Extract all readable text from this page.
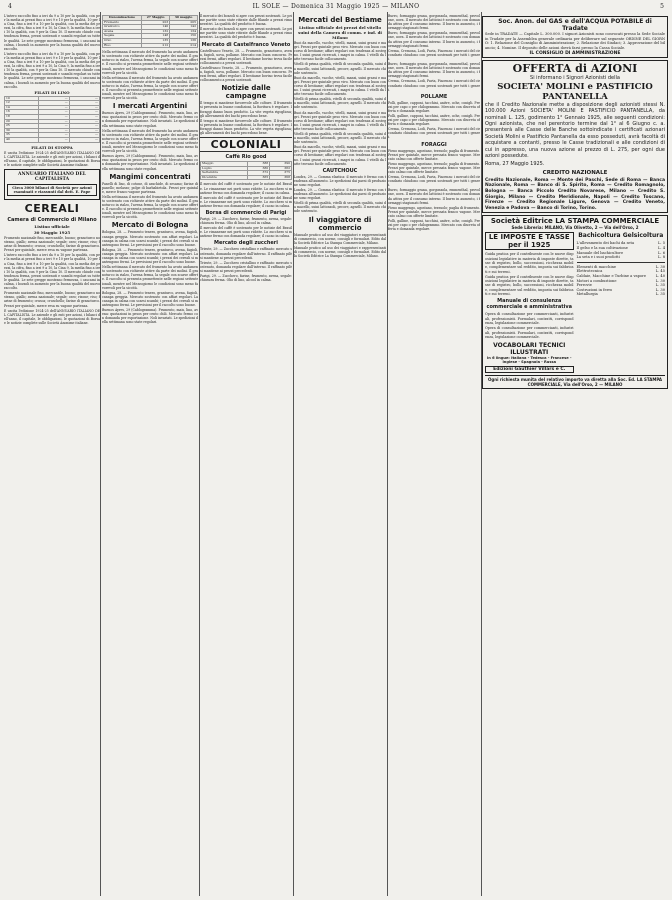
4	IL SOLE — Domenica 31 Maggio 1925 — MILANO	5

L'intero raccolto fino a ieri da 9 a 10 per la qualità, con per la media ai prezzi fino a ieri 9 e 10 per la qualità, 10 per la Cina, fino a ieri 9 a 10 per la qualità, con la media dei prezzi, la cifra, fino a ieri 9 a 10, la Cina 9, la media fino a ieri 10 la qualità, con 9 per la Cina 10. Il mercato chiude con tendenza ferma, prezzi sostenuti e scambi regolari su tutte le qualità. Le sete gregge mostrano fermezza, i cascami in calma, i bozzoli in aumento per la buona qualità del nuovo raccolto.

L'intero raccolto fino a ieri da 9 a 10 per la qualità, con per la media ai prezzi fino a ieri 9 e 10 per la qualità, 10 per la Cina, fino a ieri 9 a 10 per la qualità, con la media dei prezzi, la cifra, fino a ieri 9 a 10, la Cina 9, la media fino a ieri 10 la qualità, con 9 per la Cina 10. Il mercato chiude con tendenza ferma, prezzi sostenuti e scambi regolari su tutte le qualità. Le sete gregge mostrano fermezza, i cascami in calma, i bozzoli in aumento per la buona qualità del nuovo raccolto.

FILATI DI LINO
10	—	—
12	—	—
14	—	—
16	—	—
18	—	—
20	—	—
25	—	—
30	—	—
35	—	—
40	—	—
FILATI DI STOPPA

E uscita l'edizione 1924-25 dell'ANNUARIO ITALIANO DEL CAPITALISTA. Le aziende e gli enti per azioni, i bilanci dell'anno, il capitale, le obbligazioni, le quotazioni di Borsa e le notizie complete sulle Società Anonime italiane.

ANNUARIO ITALIANO DEL CAPITALISTA
Circa 3000 bilanci di Società per azioni esaminati e riassunti dal dott. E. Pape
CEREALI
Camera di Commercio di Milano
Listino ufficiale
30 Maggio 1925

Frumento nazionale fino, mercantile, buono; granoturco nostrano, giallo; avena nazionale; segale; orzo; risone; riso; farine di frumento; crusca; cruschello; farine di granoturco. Prezzi per quintale, merce resa su vagone partenza.

L'intero raccolto fino a ieri da 9 a 10 per la qualità, con per la media ai prezzi fino a ieri 9 e 10 per la qualità, 10 per la Cina, fino a ieri 9 a 10 per la qualità, con la media dei prezzi, la cifra, fino a ieri 9 a 10, la Cina 9, la media fino a ieri 10 la qualità, con 9 per la Cina 10. Il mercato chiude con tendenza ferma, prezzi sostenuti e scambi regolari su tutte le qualità. Le sete gregge mostrano fermezza, i cascami in calma, i bozzoli in aumento per la buona qualità del nuovo raccolto.

Frumento nazionale fino, mercantile, buono; granoturco nostrano, giallo; avena nazionale; segale; orzo; risone; riso; farine di frumento; crusca; cruschello; farine di granoturco. Prezzi per quintale, merce resa su vagone partenza.

E uscita l'edizione 1924-25 dell'ANNUARIO ITALIANO DEL CAPITALISTA. Le aziende e gli enti per azioni, i bilanci dell'anno, il capitale, le obbligazioni, le quotazioni di Borsa e le notizie complete sulle Società Anonime italiane.

Denominazione	27 Maggio	30 maggio
Frumento	203	205
Granturco	140	142
Avena	132	134
Segale	148	150
Orzo	135	136
Riso	212	214

Nella settimana il mercato del frumento ha avuto andamento sostenuto con richieste attive da parte dei molini. Il granoturco in rialzo, l'avena ferma, la segale con scarse offerte. Il raccolto si presenta promettente nelle regioni settentrionali, mentre nel Mezzogiorno le condizioni sono meno favorevoli per la siccità.

Nella settimana il mercato del frumento ha avuto andamento sostenuto con richieste attive da parte dei molini. Il granoturco in rialzo, l'avena ferma, la segale con scarse offerte. Il raccolto si presenta promettente nelle regioni settentrionali, mentre nel Mezzogiorno le condizioni sono meno favorevoli per la siccità.

I mercati Argentini

Buenos Ayres, 29 (Cablogramma). Frumento, mais, lino, avena: quotazioni in pesos per cento chili. Mercato fermo con domanda per esportazione. Noli invariati. Le spedizioni della settimana sono state regolari.

Nella settimana il mercato del frumento ha avuto andamento sostenuto con richieste attive da parte dei molini. Il granoturco in rialzo, l'avena ferma, la segale con scarse offerte. Il raccolto si presenta promettente nelle regioni settentrionali, mentre nel Mezzogiorno le condizioni sono meno favorevoli per la siccità.

Buenos Ayres, 29 (Cablogramma). Frumento, mais, lino, avena: quotazioni in pesos per cento chili. Mercato fermo con domanda per esportazione. Noli invariati. Le spedizioni della settimana sono state regolari.

Mangimi concentrati

Panelli di lino, di cotone, di arachide, di sesamo; farine di panello; melasso; polpe di barbabietola. Prezzi per quintale, merce franco vagone partenza.

Nella settimana il mercato del frumento ha avuto andamento sostenuto con richieste attive da parte dei molini. Il granoturco in rialzo, l'avena ferma, la segale con scarse offerte. Il raccolto si presenta promettente nelle regioni settentrionali, mentre nel Mezzogiorno le condizioni sono meno favorevoli per la siccità.

Mercato di Bologna

Bologna, 28. — Frumento tenero, granturco, avena, fagioli, canapa greggia. Mercato sostenuto con affari regolari. La canapa in calma con scarsi scambi; i prezzi dei cereali si mantengono fermi. Le previsioni per il raccolto sono buone.

Bologna, 28. — Frumento tenero, granturco, avena, fagioli, canapa greggia. Mercato sostenuto con affari regolari. La canapa in calma con scarsi scambi; i prezzi dei cereali si mantengono fermi. Le previsioni per il raccolto sono buone.

Nella settimana il mercato del frumento ha avuto andamento sostenuto con richieste attive da parte dei molini. Il granoturco in rialzo, l'avena ferma, la segale con scarse offerte. Il raccolto si presenta promettente nelle regioni settentrionali, mentre nel Mezzogiorno le condizioni sono meno favorevoli per la siccità.

Bologna, 28. — Frumento tenero, granturco, avena, fagioli, canapa greggia. Mercato sostenuto con affari regolari. La canapa in calma con scarsi scambi; i prezzi dei cereali si mantengono fermi. Le previsioni per il raccolto sono buone.

Buenos Ayres, 29 (Cablogramma). Frumento, mais, lino, avena: quotazioni in pesos per cento chili. Mercato fermo con domanda per esportazione. Noli invariati. Le spedizioni della settimana sono state regolari.

Il mercato dei bozzoli si apre con prezzi sostenuti. Le prime partite sono state ritirate dalle filande a prezzi rimunerativi. La qualità del prodotto è buona.

Il mercato dei bozzoli si apre con prezzi sostenuti. Le prime partite sono state ritirate dalle filande a prezzi rimunerativi. La qualità del prodotto è buona.

Mercato di Castelfranco Veneto

Castelfranco Veneto, 28. — Frumento, granoturco, avena, fagioli, uova, pollame. Mercato con buon concorso. Prezzi fermi, affari regolari. Il bestiame bovino trova facile collocamento a prezzi sostenuti.

Castelfranco Veneto, 28. — Frumento, granoturco, avena, fagioli, uova, pollame. Mercato con buon concorso. Prezzi fermi, affari regolari. Il bestiame bovino trova facile collocamento a prezzi sostenuti.

Notizie dalle campagne

Il tempo si mantiene favorevole alle colture. Il frumento si presenta in buone condizioni, la fioritura è regolare. I foraggi danno buon prodotto. La vite vegeta rigogliosa; gli allevamenti dei bachi procedono bene.

Il tempo si mantiene favorevole alle colture. Il frumento si presenta in buone condizioni, la fioritura è regolare. I foraggi danno buon prodotto. La vite vegeta rigogliosa; gli allevamenti dei bachi procedono bene.

COLONIALI
Caffè Rio good
Maggio	388	390
Luglio	380	382
Settembre	372	375
Dicembre	365	368

Il mercato del caffè è sostenuto per le notizie del Brasile. Le rimanenze nei porti sono ridotte. Lo zucchero si mantiene fermo con domanda regolare; il cacao in calma.

Il mercato del caffè è sostenuto per le notizie del Brasile. Le rimanenze nei porti sono ridotte. Lo zucchero si mantiene fermo con domanda regolare; il cacao in calma.

Borsa di commercio di Parigi

Parigi, 29. — Zucchero, farine, frumento, avena, segale: chiusura ferma. Olio di lino, alcool in calma.

Il mercato del caffè è sostenuto per le notizie del Brasile. Le rimanenze nei porti sono ridotte. Lo zucchero si mantiene fermo con domanda regolare; il cacao in calma.

Mercato degli zuccheri

Trieste, 29. — Zucchero cristallino e raffinato: mercato sostenuto, domanda regolare dall'interno. Il raffinato pilè si mantiene ai prezzi precedenti.

Trieste, 29. — Zucchero cristallino e raffinato: mercato sostenuto, domanda regolare dall'interno. Il raffinato pilè si mantiene ai prezzi precedenti.

Parigi, 29. — Zucchero, farine, frumento, avena, segale: chiusura ferma. Olio di lino, alcool in calma.

Mercati del Bestiame
Listino ufficiale dei prezzi del vitello suini della Camera di comm. e ind. di Milano

Buoi da macello, vacche, vitelli, manzi, suini grassi e magri. Prezzi per quintale peso vivo. Mercato con buon concorso di bestiame; affari regolari con tendenza al sostegno. I suini grassi ricercati, i magri in calma. I vitelli da latte trovano facile collocamento.

Vitelli di prima qualità, vitelli di seconda qualità, suini da macello, suini lattonzoli, pecore, agnelli. Il mercato chiude sostenuto.

Buoi da macello, vacche, vitelli, manzi, suini grassi e magri. Prezzi per quintale peso vivo. Mercato con buon concorso di bestiame; affari regolari con tendenza al sostegno. I suini grassi ricercati, i magri in calma. I vitelli da latte trovano facile collocamento.

Vitelli di prima qualità, vitelli di seconda qualità, suini da macello, suini lattonzoli, pecore, agnelli. Il mercato chiude sostenuto.

Buoi da macello, vacche, vitelli, manzi, suini grassi e magri. Prezzi per quintale peso vivo. Mercato con buon concorso di bestiame; affari regolari con tendenza al sostegno. I suini grassi ricercati, i magri in calma. I vitelli da latte trovano facile collocamento.

Vitelli di prima qualità, vitelli di seconda qualità, suini da macello, suini lattonzoli, pecore, agnelli. Il mercato chiude sostenuto.

Buoi da macello, vacche, vitelli, manzi, suini grassi e magri. Prezzi per quintale peso vivo. Mercato con buon concorso di bestiame; affari regolari con tendenza al sostegno. I suini grassi ricercati, i magri in calma. I vitelli da latte trovano facile collocamento.

CAUTCHOUC

Londra, 29. — Gomma elastica: il mercato è fermo con tendenza all'aumento. Le spedizioni dai paesi di produzione sono regolari.

Londra, 29. — Gomma elastica: il mercato è fermo con tendenza all'aumento. Le spedizioni dai paesi di produzione sono regolari.

Vitelli di prima qualità, vitelli di seconda qualità, suini da macello, suini lattonzoli, pecore, agnelli. Il mercato chiude sostenuto.

Il viaggiatore di commercio

Manuale pratico ad uso dei viaggiatori e rappresentanti di commercio, con norme, consigli e formulari. Edito dalla Società Editrice La Stampa Commerciale, Milano.

Manuale pratico ad uso dei viaggiatori e rappresentanti di commercio, con norme, consigli e formulari. Edito dalla Società Editrice La Stampa Commerciale, Milano.

Burro, formaggio grana, gorgonzola, emmenthal, provolone, uova. Il mercato dei latticini è sostenuto con domanda attiva per il consumo interno. Il burro in aumento, i formaggi stagionati fermi.

Burro, formaggio grana, gorgonzola, emmenthal, provolone, uova. Il mercato dei latticini è sostenuto con domanda attiva per il consumo interno. Il burro in aumento, i formaggi stagionati fermi.

Crema, Cremona, Lodi, Pavia, Piacenza: i mercati del circondario chiudono con prezzi sostenuti per tutti i generi.

Burro, formaggio grana, gorgonzola, emmenthal, provolone, uova. Il mercato dei latticini è sostenuto con domanda attiva per il consumo interno. Il burro in aumento, i formaggi stagionati fermi.

Crema, Cremona, Lodi, Pavia, Piacenza: i mercati del circondario chiudono con prezzi sostenuti per tutti i generi.

POLLAME

Polli, galline, capponi, tacchini, anitre, oche, conigli. Prezzi per capo o per chilogrammo. Mercato con discreta offerta e domanda regolare.

Polli, galline, capponi, tacchini, anitre, oche, conigli. Prezzi per capo o per chilogrammo. Mercato con discreta offerta e domanda regolare.

Crema, Cremona, Lodi, Pavia, Piacenza: i mercati del circondario chiudono con prezzi sostenuti per tutti i generi.

FORAGGI

Fieno maggengo, agostano, terzuolo; paglia di frumento. Prezzi per quintale, merce pressata franco vagone. Mercato calmo con offerte limitate.

Fieno maggengo, agostano, terzuolo; paglia di frumento. Prezzi per quintale, merce pressata franco vagone. Mercato calmo con offerte limitate.

Crema, Cremona, Lodi, Pavia, Piacenza: i mercati del circondario chiudono con prezzi sostenuti per tutti i generi.

Burro, formaggio grana, gorgonzola, emmenthal, provolone, uova. Il mercato dei latticini è sostenuto con domanda attiva per il consumo interno. Il burro in aumento, i formaggi stagionati fermi.

Fieno maggengo, agostano, terzuolo; paglia di frumento. Prezzi per quintale, merce pressata franco vagone. Mercato calmo con offerte limitate.

Polli, galline, capponi, tacchini, anitre, oche, conigli. Prezzi per capo o per chilogrammo. Mercato con discreta offerta e domanda regolare.

Soc. Anon. del GAS e dell'ACQUA POTABILE di Tradate

Sede in TRADATE — Capitale L. 300.000. I signori Azionisti sono convocati presso la Sede Sociale in Tradate per la Assemblea generale ordinaria per deliberare sul seguente ORDINE DEL GIORNO: 1. Relazione del Consiglio di Amministrazione; 2. Relazione dei Sindaci; 3. Approvazione del bilancio; 4. Nomine. Il deposito delle azioni dovrà farsi presso la Cassa Sociale.

IL CONSIGLIO DI AMMINISTRAZIONE
OFFERTA di AZIONI
Si informano i Signori Azionisti della
SOCIETA' MOLINI e PASTIFICIO PANTANELLA
che il Credito Nazionale mette a disposizione degli azionisti stessi N. 100.000 Azioni SOCIETA' MOLINI E PASTIFICIO PANTANELLA, da nominali L. 125, godimento 1° Gennaio 1925, alle seguenti condizioni: Ogni azionista, che nel perentorio termine dal 1° al 6 Giugno c. a. presenterà alle Casse delle Banche sottoindicate i certificati azionari Società Molini e Pastificio Pantanella da esso posseduti, avrà facoltà di acquistare a contanti, presso le Casse tradizionali e alle condizioni di cui in appresso, una nuova azione al prezzo di L. 275, per ogni due azioni possedute.
Roma, 27 Maggio 1925.
CREDITO NAZIONALE
Credito Nazionale, Roma — Monte dei Paschi, Sede di Roma — Banca Nazionale, Roma — Banco di S. Spirito, Roma — Credito Romagnolo, Bologna — Banca Piccolo Credito Novarese, Milano — Credito S. Giorgio, Milano — Credito Meridionale, Napoli — Credito Toscano, Firenze — Credito Regionale Ligure, Genova — Credito Veneto, Venezia e Padova — Banco di Torino, Torino.
Società Editrice LA STAMPA COMMERCIALE
Sede Libreria: MILANO, Via Olivetto, 2 — Via dell'Orso, 2
LE IMPOSTE E TASSE per il 1925

Guida pratica per il contribuente con le nuove disposizioni legislative in materia di imposte dirette, tasse di registro, bollo, successioni, ricchezza mobile, complementare sul reddito, imposta sui fabbricati e sui terreni.

Guida pratica per il contribuente con le nuove disposizioni legislative in materia di imposte dirette, tasse di registro, bollo, successioni, ricchezza mobile, complementare sul reddito, imposta sui fabbricati e sui terreni.

Manuale di consulenza commerciale e amministrativa

Opera di consultazione per commercianti, industriali, professionisti. Formulari, contratti, corrispondenza, legislazione commerciale.

Opera di consultazione per commercianti, industriali, professionisti. Formulari, contratti, corrispondenza, legislazione commerciale.

VOCABOLARI TECNICI ILLUSTRATI
in 6 lingue: Italiana - Tedesca - Francese - Inglese - Spagnola - Russa
Edizioni Gauthier Villars e C.
Bachicoltura Gelsicoltura
L'allevamento dei bachi da seta	L. 5
Il gelso e la sua coltivazione	L. 4
Manuale del bachicultore	L. 6
La seta e i suoi prodotti	L. 8
Elementi di macchine	L. 30
Elettrotecnica	L. 45
Caldaie, Macchine e Turbine a vapore	L. 40
Motori a combustione	L. 30
Ferrovie	L. 35
Costruzioni in ferro	L. 30
Metallurgia	L. 35
Ogni richiesta munita del relativo importo va diretta alla Soc. Ed. LA STAMPA COMMERCIALE, Via dell'Orso, 2 — MILANO
